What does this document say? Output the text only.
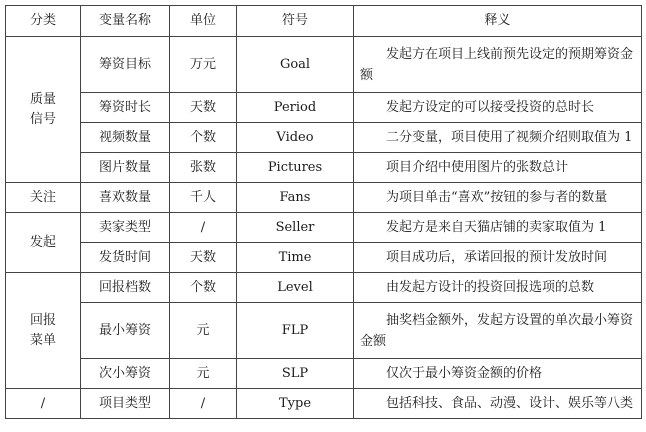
分类	变量名称	单位	符号	释义
质量信号	筹资目标	万元	Goal	发起方在项目上线前预先设定的预期筹资金额
	筹资时长	天数	Period	发起方设定的可以接受投资的总时长
	视频数量	个数	Video	二分变量，项目使用了视频介绍则取值为 1
	图片数量	张数	Pictures	项目介绍中使用图片的张数总计
关注	喜欢数量	千人	Fans	为项目单击“喜欢”按钮的参与者的数量
发起	卖家类型	/	Seller	发起方是来自天猫店铺的卖家取值为 1
	发货时间	天数	Time	项目成功后，承诺回报的预计发放时间
回报菜单	回报档数	个数	Level	由发起方设计的投资回报选项的总数
	最小筹资	元	FLP	抽奖档金额外，发起方设置的单次最小筹资金额
	次小筹资	元	SLP	仅次于最小筹资金额的价格
/	项目类型	/	Type	包括科技、食品、动漫、设计、娱乐等八类
